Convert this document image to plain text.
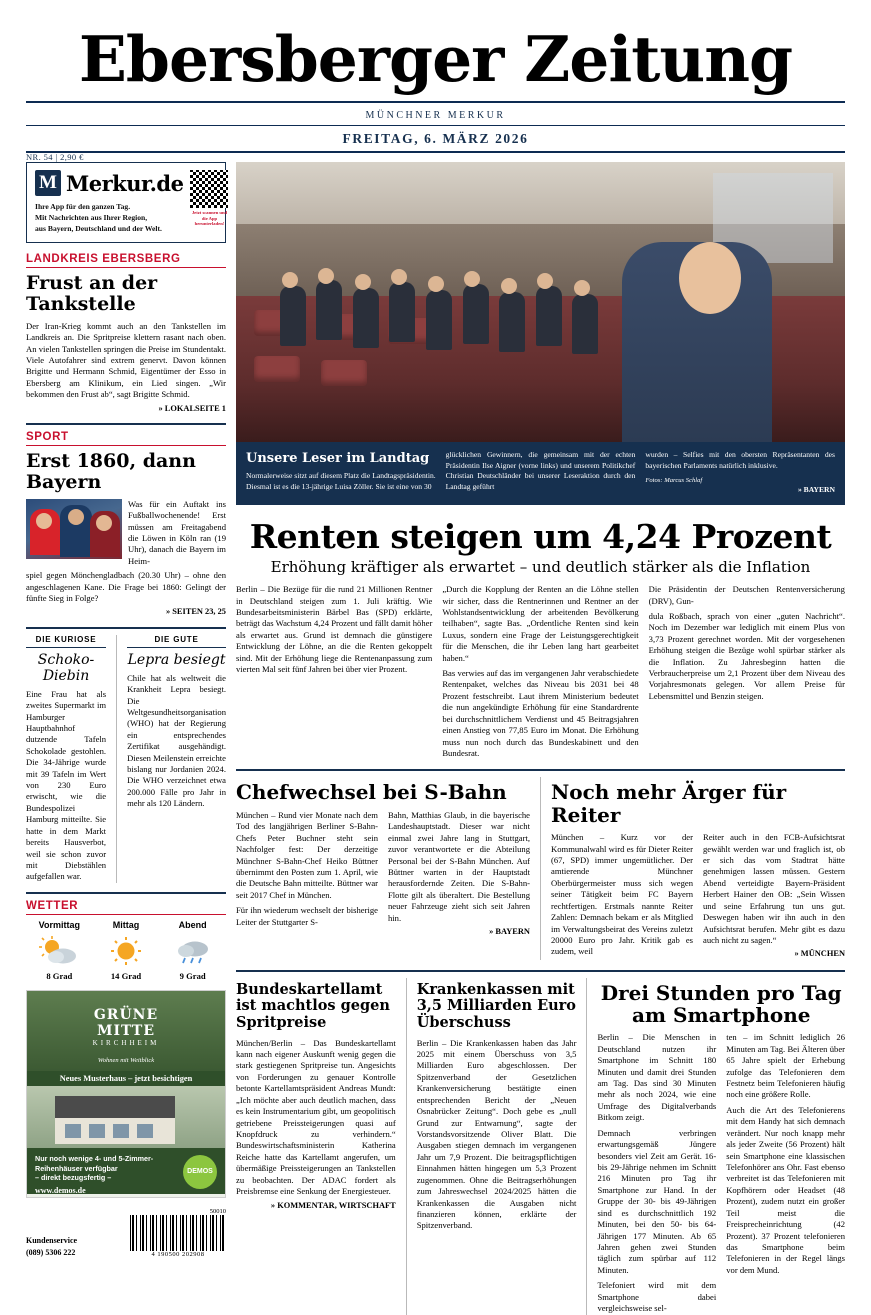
Ebersberger Zeitung
MÜNCHNER MERKUR
FREITAG, 6. MÄRZ 2026
NR. 54 | 2,90 €
M Merkur.de
Ihre App für den ganzen Tag.
Mit Nachrichten aus Ihrer Region,
aus Bayern, Deutschland und der Welt.
Jetzt scannen und die App herunterladen!
LANDKREIS EBERSBERG
Frust an der Tankstelle
Der Iran-Krieg kommt auch an den Tankstellen im Landkreis an. Die Spritpreise klettern rasant nach oben. An vielen Tankstellen springen die Preise im Stundentakt. Viele Autofahrer sind extrem genervt. Davon können Brigitte und Hermann Schmid, Eigentümer der Esso in Ebersberg am Klinikum, ein Lied singen. „Wir bekommen den Frust ab“, sagt Brigitte Schmid.
» LOKALSEITE 1
SPORT
Erst 1860, dann Bayern
Was für ein Auftakt ins Fußballwochenende! Erst müssen am Freitagabend die Löwen in Köln ran (19 Uhr), danach die Bayern im Heim-
spiel gegen Mönchengladbach (20.30 Uhr) – ohne den angeschlagenen Kane. Die Frage bei 1860: Gelingt der fünfte Sieg in Folge?
» SEITEN 23, 25
DIE KURIOSE
Schoko-Diebin
Eine Frau hat als zweites Supermarkt im Hamburger Hauptbahnhof dutzende Tafeln Schokolade gestohlen. Die 34-Jährige wurde mit 39 Tafeln im Wert von 230 Euro erwischt, wie die Bundespolizei Hamburg mitteilte. Sie hatte in dem Markt bereits Hausverbot, weil sie schon zuvor mit Diebstählen aufgefallen war.
DIE GUTE
Lepra besiegt
Chile hat als weltweit die Krankheit Lepra besiegt. Die Weltgesundheitsorganisation (WHO) hat der Regierung ein entsprechendes Zertifikat ausgehändigt. Diesen Meilenstein erreichte bislang nur Jordanien 2024. Die WHO verzeichnet etwa 200.000 Fälle pro Jahr in mehr als 120 Ländern.
WETTER
Vormittag
8 Grad
Mittag
14 Grad
Abend
9 Grad
GRÜNE
MITTE
KIRCHHEIM
Wohnen mit Weitblick
Neues Musterhaus – jetzt besichtigen
Nur noch wenige 4- und 5-Zimmer-
Reihenhäuser verfügbar
– direkt bezugsfertig –
www.demos.de
DEMOS
Kundenservice
(089) 5306 222
50010
4 190500 202908
Unsere Leser im Landtag
Normalerweise sitzt auf diesem Platz die Landtagspräsidentin. Diesmal ist es die 13-jährige Luisa Zöller. Sie ist eine von 30
glücklichen Gewinnern, die gemeinsam mit der echten Präsidentin Ilse Aigner (vorne links) und unserem Politikchef Christian Deutschländer bei unserer Leseraktion durch den Landtag geführt
wurden – Selfies mit den obersten Repräsentanten des bayerischen Parlaments natürlich inklusive.
Fotos: Marcus Schlaf
» BAYERN
Renten steigen um 4,24 Prozent
Erhöhung kräftiger als erwartet – und deutlich stärker als die Inflation
Berlin – Die Bezüge für die rund 21 Millionen Rentner in Deutschland steigen zum 1. Juli kräftig. Wie Bundesarbeitsministerin Bärbel Bas (SPD) erklärte, beträgt das Wachstum 4,24 Prozent und fällt damit höher als erwartet aus. Grund ist demnach die günstigere Entwicklung der Löhne, an die die Renten gekoppelt sind. Mit der Erhöhung liege die Rentenanpassung zum vierten Mal seit fünf Jahren bei über vier Prozent.
„Durch die Kopplung der Renten an die Löhne stellen wir sicher, dass die Rentnerinnen und Rentner an der Wohlstandsentwicklung der arbeitenden Bevölkerung teilhaben“, sagte Bas. „Ordentliche Renten sind kein Luxus, sondern eine Frage der Leistungsgerechtigkeit für die Menschen, die ihr Leben lang hart gearbeitet haben.“
Bas verwies auf das im vergangenen Jahr verabschiedete Rentenpaket, welches das Niveau bis 2031 bei 48 Prozent festschreibt. Laut ihrem Ministerium bedeutet die nun angekündigte Erhöhung für eine Standardrente bei durchschnittlichem Verdienst und 45 Beitragsjahren einen Anstieg von 77,85 Euro im Monat. Die Erhöhung muss nun noch durch das Bundeskabinett und den Bundesrat.
Die Präsidentin der Deutschen Rentenversicherung (DRV), Gun-
dula Roßbach, sprach von einer „guten Nachricht“. Noch im Dezember war lediglich mit einem Plus von 3,73 Prozent gerechnet worden. Mit der vorgesehenen Erhöhung steigen die Bezüge wohl spürbar stärker als die Inflation. Zu Jahresbeginn hatten die Verbraucherpreise um 2,1 Prozent über dem Niveau des Vorjahresmonats gelegen. Vor allem Preise für Lebensmittel und Benzin steigen.
Chefwechsel bei S-Bahn
München – Rund vier Monate nach dem Tod des langjährigen Berliner S-Bahn-Chefs Peter Buchner steht sein Nachfolger fest: Der derzeitige Münchner S-Bahn-Chef Heiko Büttner übernimmt den Posten zum 1. April, wie die Deutsche Bahn mitteilte. Büttner war seit 2017 Chef in München.
Für ihn wiederum wechselt der bisherige Leiter der Stuttgarter S-
Bahn, Matthias Glaub, in die bayerische Landeshauptstadt. Dieser war nicht einmal zwei Jahre lang in Stuttgart, zuvor verantwortete er die Abteilung Personal bei der S-Bahn München. Auf Büttner warten in der Hauptstadt herausfordernde Zeiten. Die S-Bahn-Flotte gilt als überaltert. Die Bestellung neuer Fahrzeuge zieht sich seit Jahren hin.
» BAYERN
Noch mehr Ärger für Reiter
München – Kurz vor der Kommunalwahl wird es für Dieter Reiter (67, SPD) immer ungemütlicher. Der amtierende Münchner Oberbürgermeister muss sich wegen seiner Tätigkeit beim FC Bayern rechtfertigen. Erstmals nannte Reiter Zahlen: Demnach bekam er als Mitglied im Verwaltungsbeirat des Vereins zuletzt 20000 Euro pro Jahr. Kritik gab es zudem, weil
Reiter auch in den FCB-Aufsichtsrat gewählt werden war und fraglich ist, ob er sich das vom Stadtrat hätte genehmigen lassen müssen. Gestern Abend verteidigte Bayern-Präsident Herbert Hainer den OB: „Sein Wissen und seine Erfahrung tun uns gut. Deswegen haben wir ihn auch in den Aufsichtsrat berufen. Mehr gibt es dazu auch nicht zu sagen.“
» MÜNCHEN
Bundeskartellamt ist machtlos gegen Spritpreise
München/Berlin – Das Bundeskartellamt kann nach eigener Auskunft wenig gegen die stark gestiegenen Spritpreise tun. Angesichts von Forderungen zu genauer Kontrolle betonte Kartellamtspräsident Andreas Mundt: „Ich möchte aber auch deutlich machen, dass es kein Instrumentarium gibt, um geopolitisch getriebene Preissteigerungen quasi auf Knopfdruck zu verhindern.“ Bundeswirtschaftsministerin Katherina Reiche hatte das Kartellamt angerufen, um übermäßige Preissteigerungen an Tankstellen zu beobachten. Der ADAC fordert als Preisbremse eine Senkung der Energiesteuer.
» KOMMENTAR, WIRTSCHAFT
Krankenkassen mit 3,5 Milliarden Euro Überschuss
Berlin – Die Krankenkassen haben das Jahr 2025 mit einem Überschuss von 3,5 Milliarden Euro abgeschlossen. Der Spitzenverband der Gesetzlichen Krankenversicherung bestätigte einen entsprechenden Bericht der „Neuen Osnabrücker Zeitung“. Doch gebe es „null Grund zur Entwarnung“, sagte der Vorstandsvorsitzende Oliver Blatt. Die Ausgaben stiegen demnach im vergangenen Jahr um 7,9 Prozent. Die beitragspflichtigen Einnahmen hätten hingegen um 5,3 Prozent zugenommen. Ohne die Beitragserhöhungen zum Jahreswechsel 2024/2025 hätten die Krankenkassen die Ausgaben nicht finanzieren können, erklärte der Spitzenverband.
Drei Stunden pro Tag
am Smartphone
Berlin – Die Menschen in Deutschland nutzen ihr Smartphone im Schnitt 180 Minuten und damit drei Stunden am Tag. Das sind 30 Minuten mehr als noch 2024, wie eine Umfrage des Digitalverbands Bitkom zeigt.
Demnach verbringen erwartungsgemäß Jüngere besonders viel Zeit am Gerät. 16- bis 29-Jährige nehmen im Schnitt 216 Minuten pro Tag ihr Smartphone zur Hand. In der Gruppe der 30- bis 49-Jährigen sind es durchschnittlich 192 Minuten, bei den 50- bis 64-Jährigen 177 Minuten. Ab 65 Jahren gehen zwei Stunden täglich zum spürbar auf 112 Minuten.
Telefoniert wird mit dem Smartphone dabei vergleichsweise sel-
ten – im Schnitt lediglich 26 Minuten am Tag. Bei Älteren über 65 Jahre spielt der Erhebung zufolge das Telefonieren dem Festnetz beim Telefonieren häufig noch eine größere Rolle.
Auch die Art des Telefonierens mit dem Handy hat sich demnach verändert. Nur noch knapp mehr als jeder Zweite (56 Prozent) hält sein Smartphone eine klassischen Telefonhörer ans Ohr. Fast ebenso verbreitet ist das Telefonieren mit Kopfhörern oder Headset (48 Prozent), zudem nutzt ein großer Teil meist die Freisprecheinrichtung (42 Prozent). 37 Prozent telefonieren das Smartphone beim Telefonieren in der Regel längs vor dem Mund.
